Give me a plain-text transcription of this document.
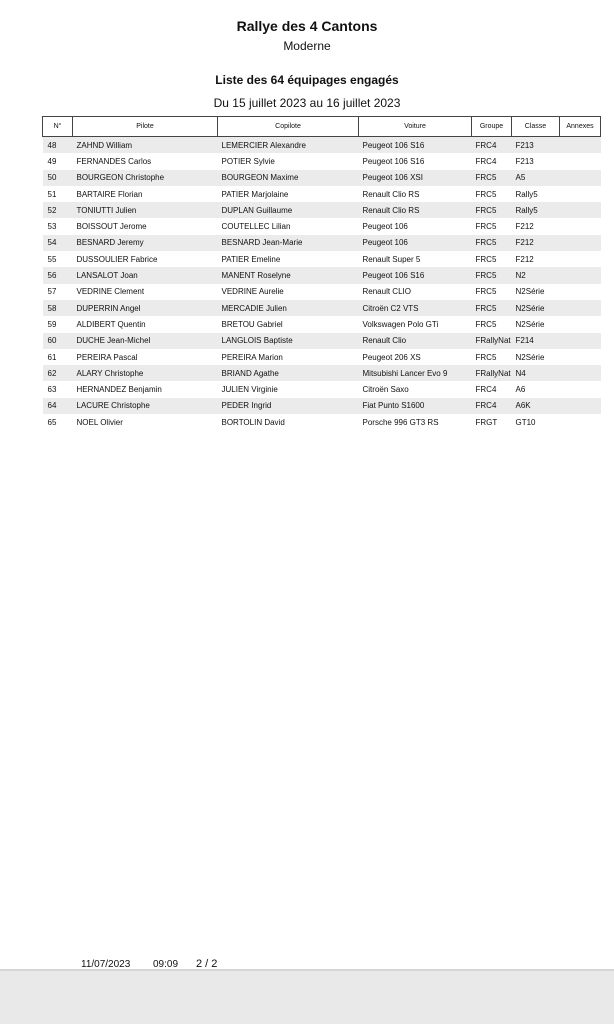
Rallye des 4 Cantons
Moderne
Liste des 64 équipages engagés
Du 15 juillet 2023 au 16 juillet 2023
N°	Pilote	Copilote	Voiture	Groupe	Classe	Annexes
48	ZAHND William	LEMERCIER Alexandre	Peugeot 106 S16	FRC4	F213	
49	FERNANDES Carlos	POTIER Sylvie	Peugeot 106 S16	FRC4	F213	
50	BOURGEON Christophe	BOURGEON Maxime	Peugeot 106 XSI	FRC5	A5	
51	BARTAIRE Florian	PATIER Marjolaine	Renault Clio RS	FRC5	Rally5	
52	TONIUTTI Julien	DUPLAN Guillaume	Renault Clio RS	FRC5	Rally5	
53	BOISSOUT Jerome	COUTELLEC Lilian	Peugeot 106	FRC5	F212	
54	BESNARD Jeremy	BESNARD Jean-Marie	Peugeot 106	FRC5	F212	
55	DUSSOULIER Fabrice	PATIER Emeline	Renault Super 5	FRC5	F212	
56	LANSALOT Joan	MANENT Roselyne	Peugeot 106 S16	FRC5	N2	
57	VEDRINE Clement	VEDRINE Aurelie	Renault CLIO	FRC5	N2Série	
58	DUPERRIN Angel	MERCADIE Julien	Citroën C2 VTS	FRC5	N2Série	
59	ALDIBERT Quentin	BRETOU Gabriel	Volkswagen Polo GTi	FRC5	N2Série	
60	DUCHE Jean-Michel	LANGLOIS Baptiste	Renault Clio	FRallyNat	F214	
61	PEREIRA Pascal	PEREIRA Marion	Peugeot 206 XS	FRC5	N2Série	
62	ALARY Christophe	BRIAND Agathe	Mitsubishi Lancer Evo 9	FRallyNat	N4	
63	HERNANDEZ Benjamin	JULIEN Virginie	Citroën Saxo	FRC4	A6	
64	LACURE Christophe	PEDER Ingrid	Fiat Punto S1600	FRC4	A6K	
65	NOEL Olivier	BORTOLIN David	Porsche 996 GT3 RS	FRGT	GT10	
11/07/2023 09:09 2 / 2
